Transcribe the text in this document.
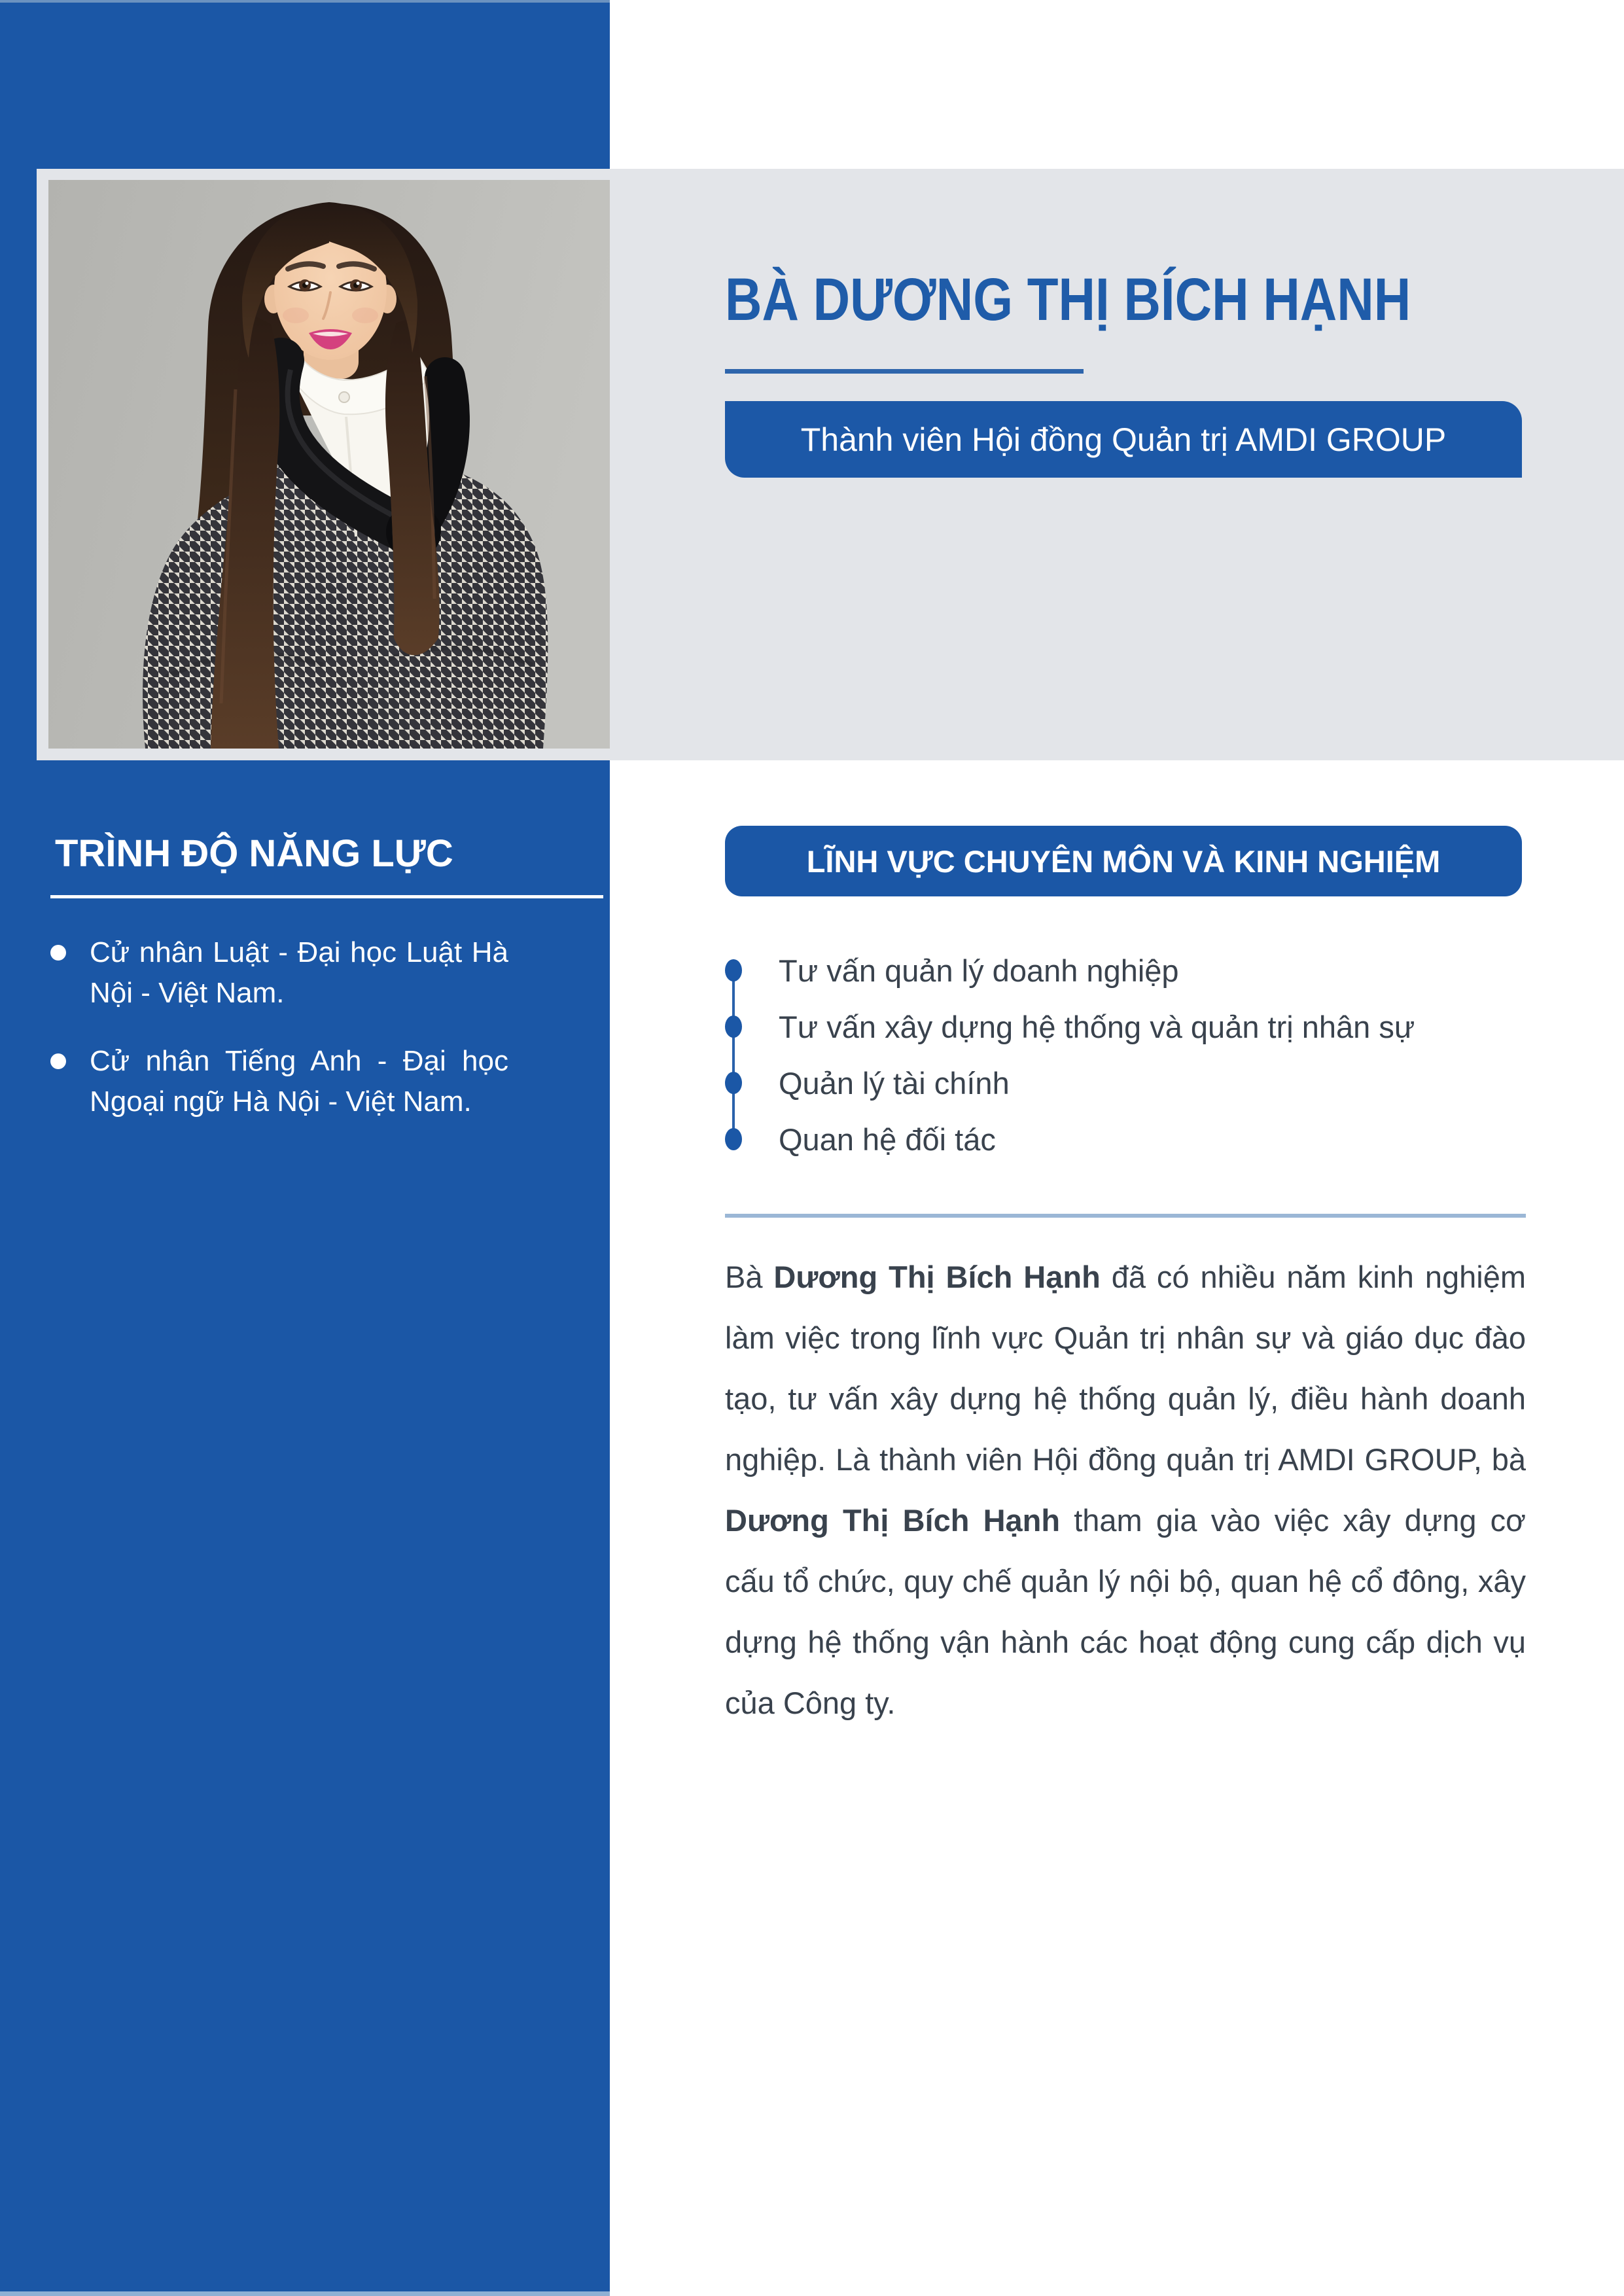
TRÌNH ĐỘ NĂNG LỰC
Cử nhân Luật - Đại học Luật Hà Nội - Việt Nam.
Cử nhân Tiếng Anh - Đại học Ngoại ngữ Hà Nội - Việt Nam.
BÀ DƯƠNG THỊ BÍCH HẠNH
Thành viên Hội đồng Quản trị AMDI GROUP
LĨNH VỰC CHUYÊN MÔN VÀ KINH NGHIỆM
Tư vấn quản lý doanh nghiệp
Tư vấn xây dựng hệ thống và quản trị nhân sự
Quản lý tài chính
Quan hệ đối tác

Bà Dương Thị Bích Hạnh đã có nhiều năm kinh nghiệm làm việc trong lĩnh vực Quản trị nhân sự và giáo dục đào tạo, tư vấn xây dựng hệ thống quản lý, điều hành doanh nghiệp. Là thành viên Hội đồng quản trị AMDI GROUP, bà Dương Thị Bích Hạnh tham gia vào việc xây dựng cơ cấu tổ chức, quy chế quản lý nội bộ, quan hệ cổ đông, xây dựng hệ thống vận hành các hoạt động cung cấp dịch vụ của Công ty.
